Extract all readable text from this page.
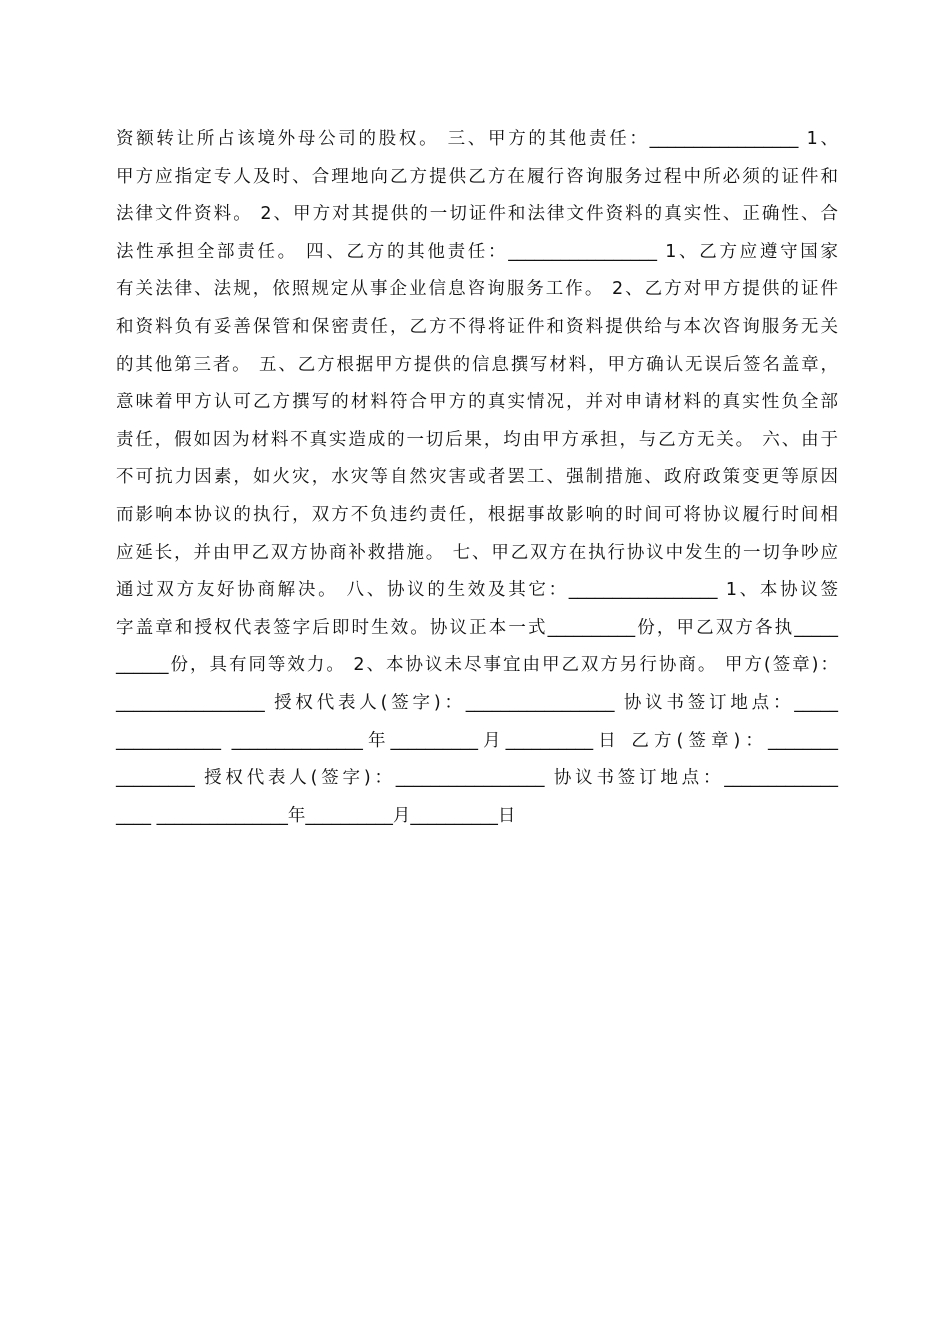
资额转让所占该境外母公司的股权。 三、甲方的其他责任：_________________ 1、
甲方应指定专人及时、合理地向乙方提供乙方在履行咨询服务过程中所必须的证件和
法律文件资料。 2、甲方对其提供的一切证件和法律文件资料的真实性、正确性、合
法性承担全部责任。 四、乙方的其他责任：_________________ 1、乙方应遵守国家
有关法律、法规，依照规定从事企业信息咨询服务工作。 2、乙方对甲方提供的证件
和资料负有妥善保管和保密责任，乙方不得将证件和资料提供给与本次咨询服务无关
的其他第三者。 五、乙方根据甲方提供的信息撰写材料，甲方确认无误后签名盖章，
意味着甲方认可乙方撰写的材料符合甲方的真实情况，并对申请材料的真实性负全部
责任，假如因为材料不真实造成的一切后果，均由甲方承担，与乙方无关。 六、由于
不可抗力因素，如火灾，水灾等自然灾害或者罢工、强制措施、政府政策变更等原因
而影响本协议的执行，双方不负违约责任，根据事故影响的时间可将协议履行时间相
应延长，并由甲乙双方协商补救措施。 七、甲乙双方在执行协议中发生的一切争吵应
通过双方友好协商解决。 八、协议的生效及其它：_________________ 1、本协议签
字盖章和授权代表签字后即时生效。协议正本一式__________份，甲乙双方各执_____
______份，具有同等效力。 2、本协议未尽事宜由甲乙双方另行协商。 甲方(签章)：
_________________ 授权代表人(签字)：_________________ 协议书签订地点：_____
____________ _______________年__________月__________日 乙方(签章)：________
_________ 授权代表人(签字)：_________________ 协议书签订地点：_____________
____ _______________年__________月__________日
